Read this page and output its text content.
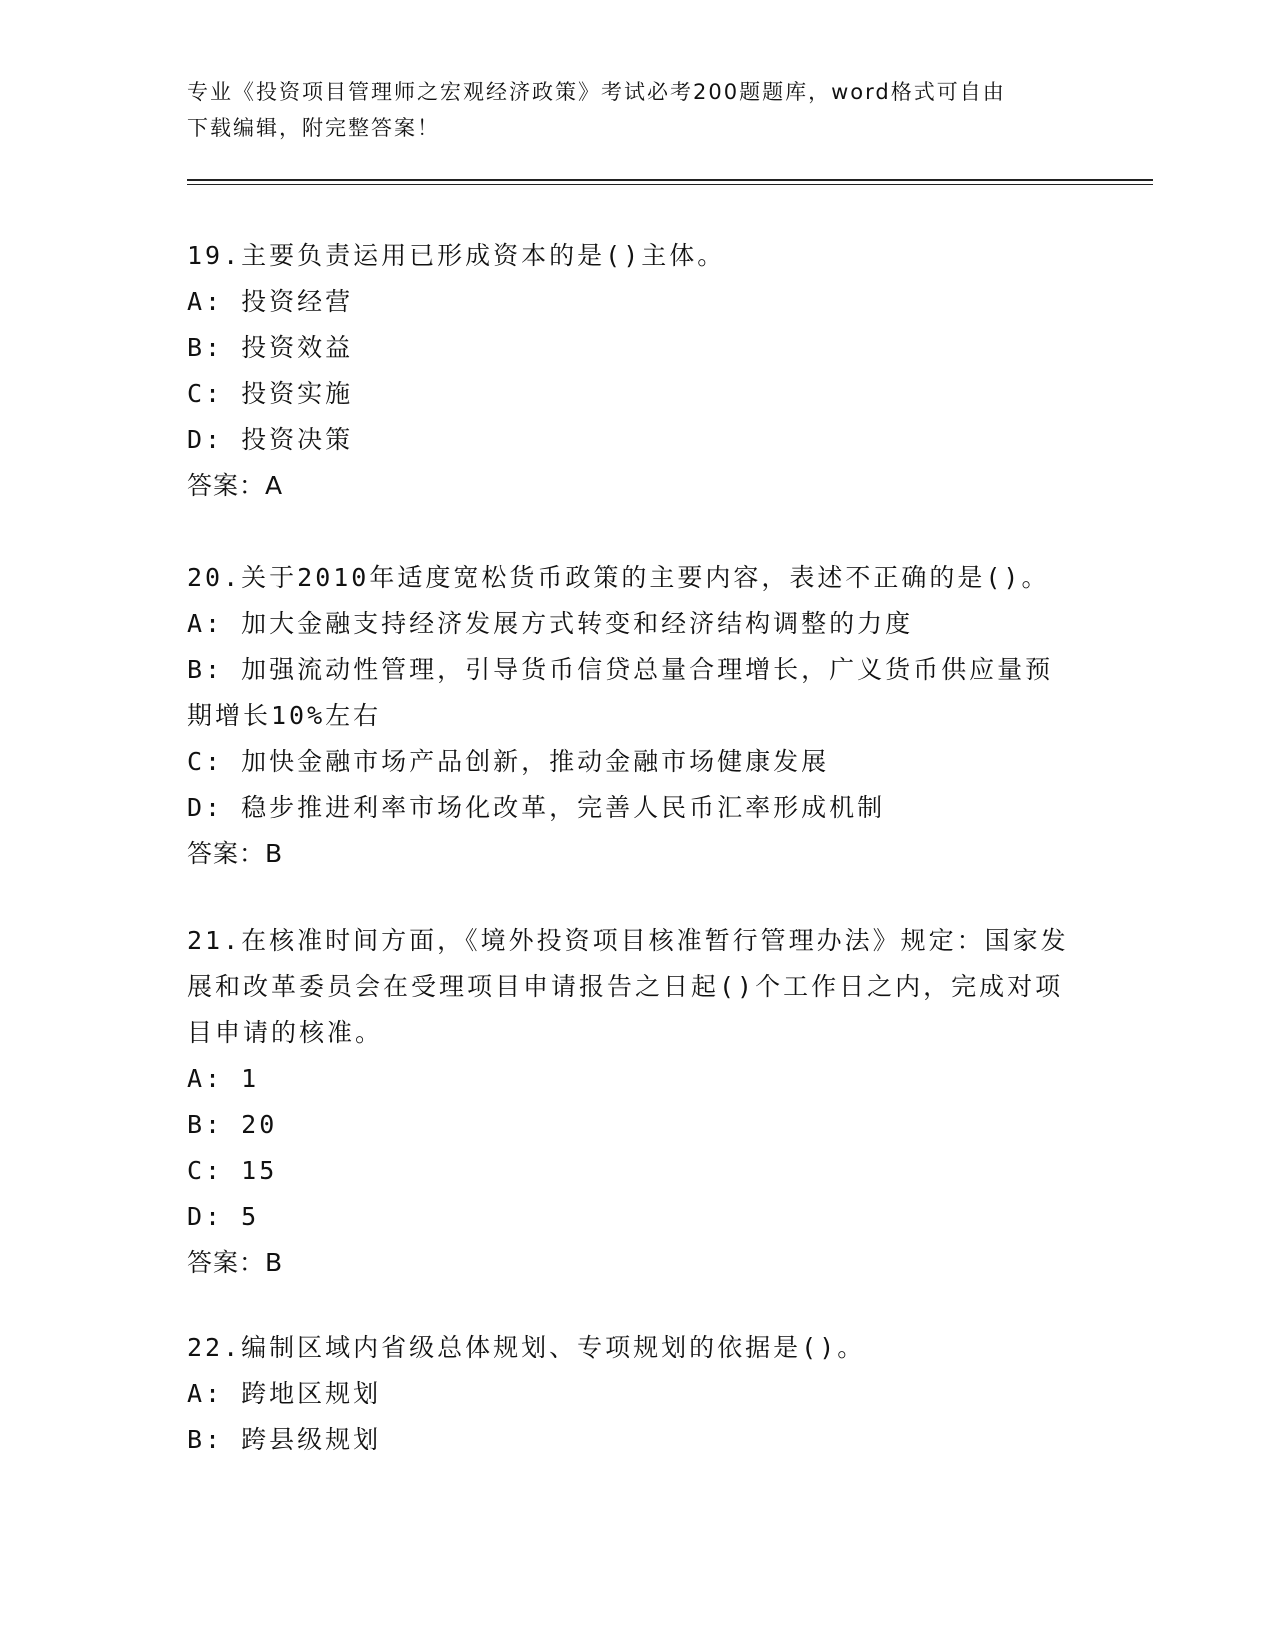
专业《投资项目管理师之宏观经济政策》考试必考200题题库，word格式可自由
下载编辑，附完整答案！
19.主要负责运用已形成资本的是()主体。
A: 投资经营
B: 投资效益
C: 投资实施
D: 投资决策
答案：A
20.关于2010年适度宽松货币政策的主要内容，表述不正确的是()。
A: 加大金融支持经济发展方式转变和经济结构调整的力度
B: 加强流动性管理，引导货币信贷总量合理增长，广义货币供应量预期增长10%左右
C: 加快金融市场产品创新，推动金融市场健康发展
D: 稳步推进利率市场化改革，完善人民币汇率形成机制
答案：B
21.在核准时间方面，《境外投资项目核准暂行管理办法》规定：国家发展和改革委员会在受理项目申请报告之日起()个工作日之内，完成对项目申请的核准。
A: 1
B: 20
C: 15
D: 5
答案：B
22.编制区域内省级总体规划、专项规划的依据是()。
A: 跨地区规划
B: 跨县级规划
